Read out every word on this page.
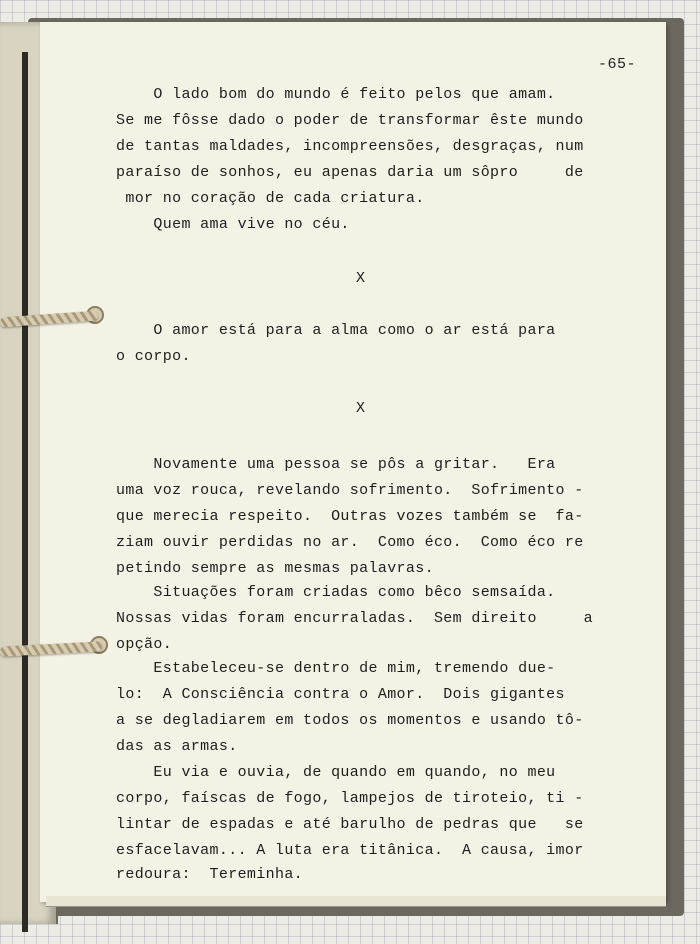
-65-
O lado bom do mundo é feito pelos que amam.
Se me fôsse dado o poder de transformar êste mundo
de tantas maldades, incompreensões, desgraças, num
paraíso de sonhos, eu apenas daria um sôpro     de
mor no coração de cada criatura.
Quem ama vive no céu.
X
O amor está para a alma como o ar está para
o corpo.
X
Novamente uma pessoa se pôs a gritar.   Era
uma voz rouca, revelando sofrimento.  Sofrimento -
que merecia respeito.  Outras vozes também se  fa-
ziam ouvir perdidas no ar.  Como éco.  Como éco re
petindo sempre as mesmas palavras.
Situações foram criadas como bêco semsaída.
Nossas vidas foram encurraladas.  Sem direito     a
opção.
Estabeleceu-se dentro de mim, tremendo due-
lo:  A Consciência contra o Amor.  Dois gigantes
a se degladiarem em todos os momentos e usando tô-
das as armas.
Eu via e ouvia, de quando em quando, no meu
corpo, faíscas de fogo, lampejos de tiroteio, ti -
lintar de espadas e até barulho de pedras que   se
esfacelavam... A luta era titânica.  A causa, imor
redoura:  Tereminha.
